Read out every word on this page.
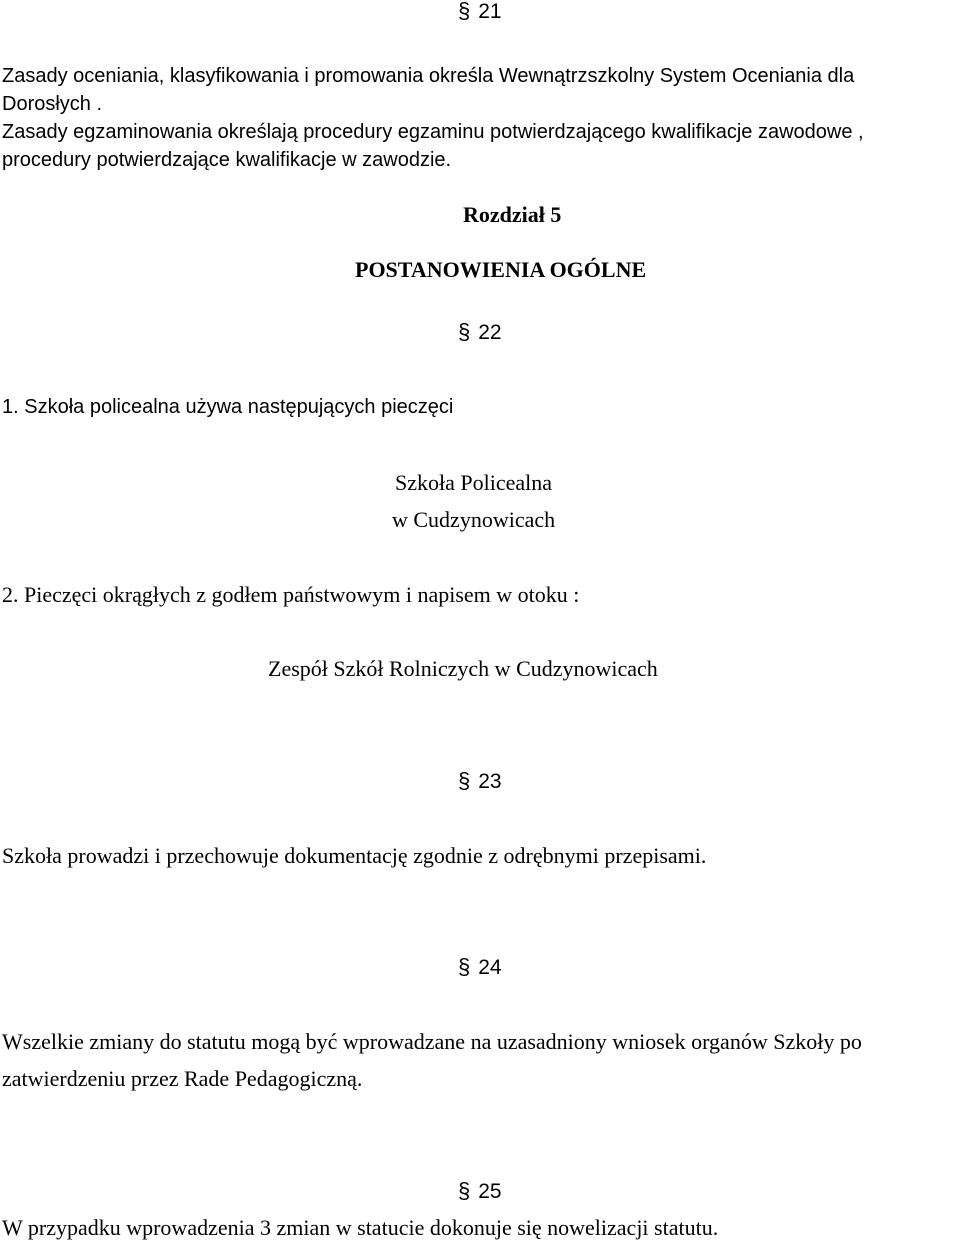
§ 21
Zasady oceniania, klasyfikowania i promowania określa Wewnątrzszkolny System Oceniania dla
Dorosłych .
Zasady egzaminowania określają procedury egzaminu potwierdzającego kwalifikacje zawodowe ,
procedury potwierdzające kwalifikacje w zawodzie.
Rozdział 5
POSTANOWIENIA OGÓLNE
§ 22
1. Szkoła policealna używa następujących pieczęci
Szkoła Policealna
w Cudzynowicach
2. Pieczęci okrągłych z godłem państwowym i napisem w otoku :
Zespół Szkół Rolniczych w Cudzynowicach
§ 23
Szkoła prowadzi i przechowuje dokumentację zgodnie z odrębnymi przepisami.
§ 24
Wszelkie zmiany do statutu mogą być wprowadzane na uzasadniony wniosek organów Szkoły po
zatwierdzeniu przez Rade Pedagogiczną.
§ 25
W przypadku wprowadzenia 3 zmian w statucie dokonuje się nowelizacji statutu.
